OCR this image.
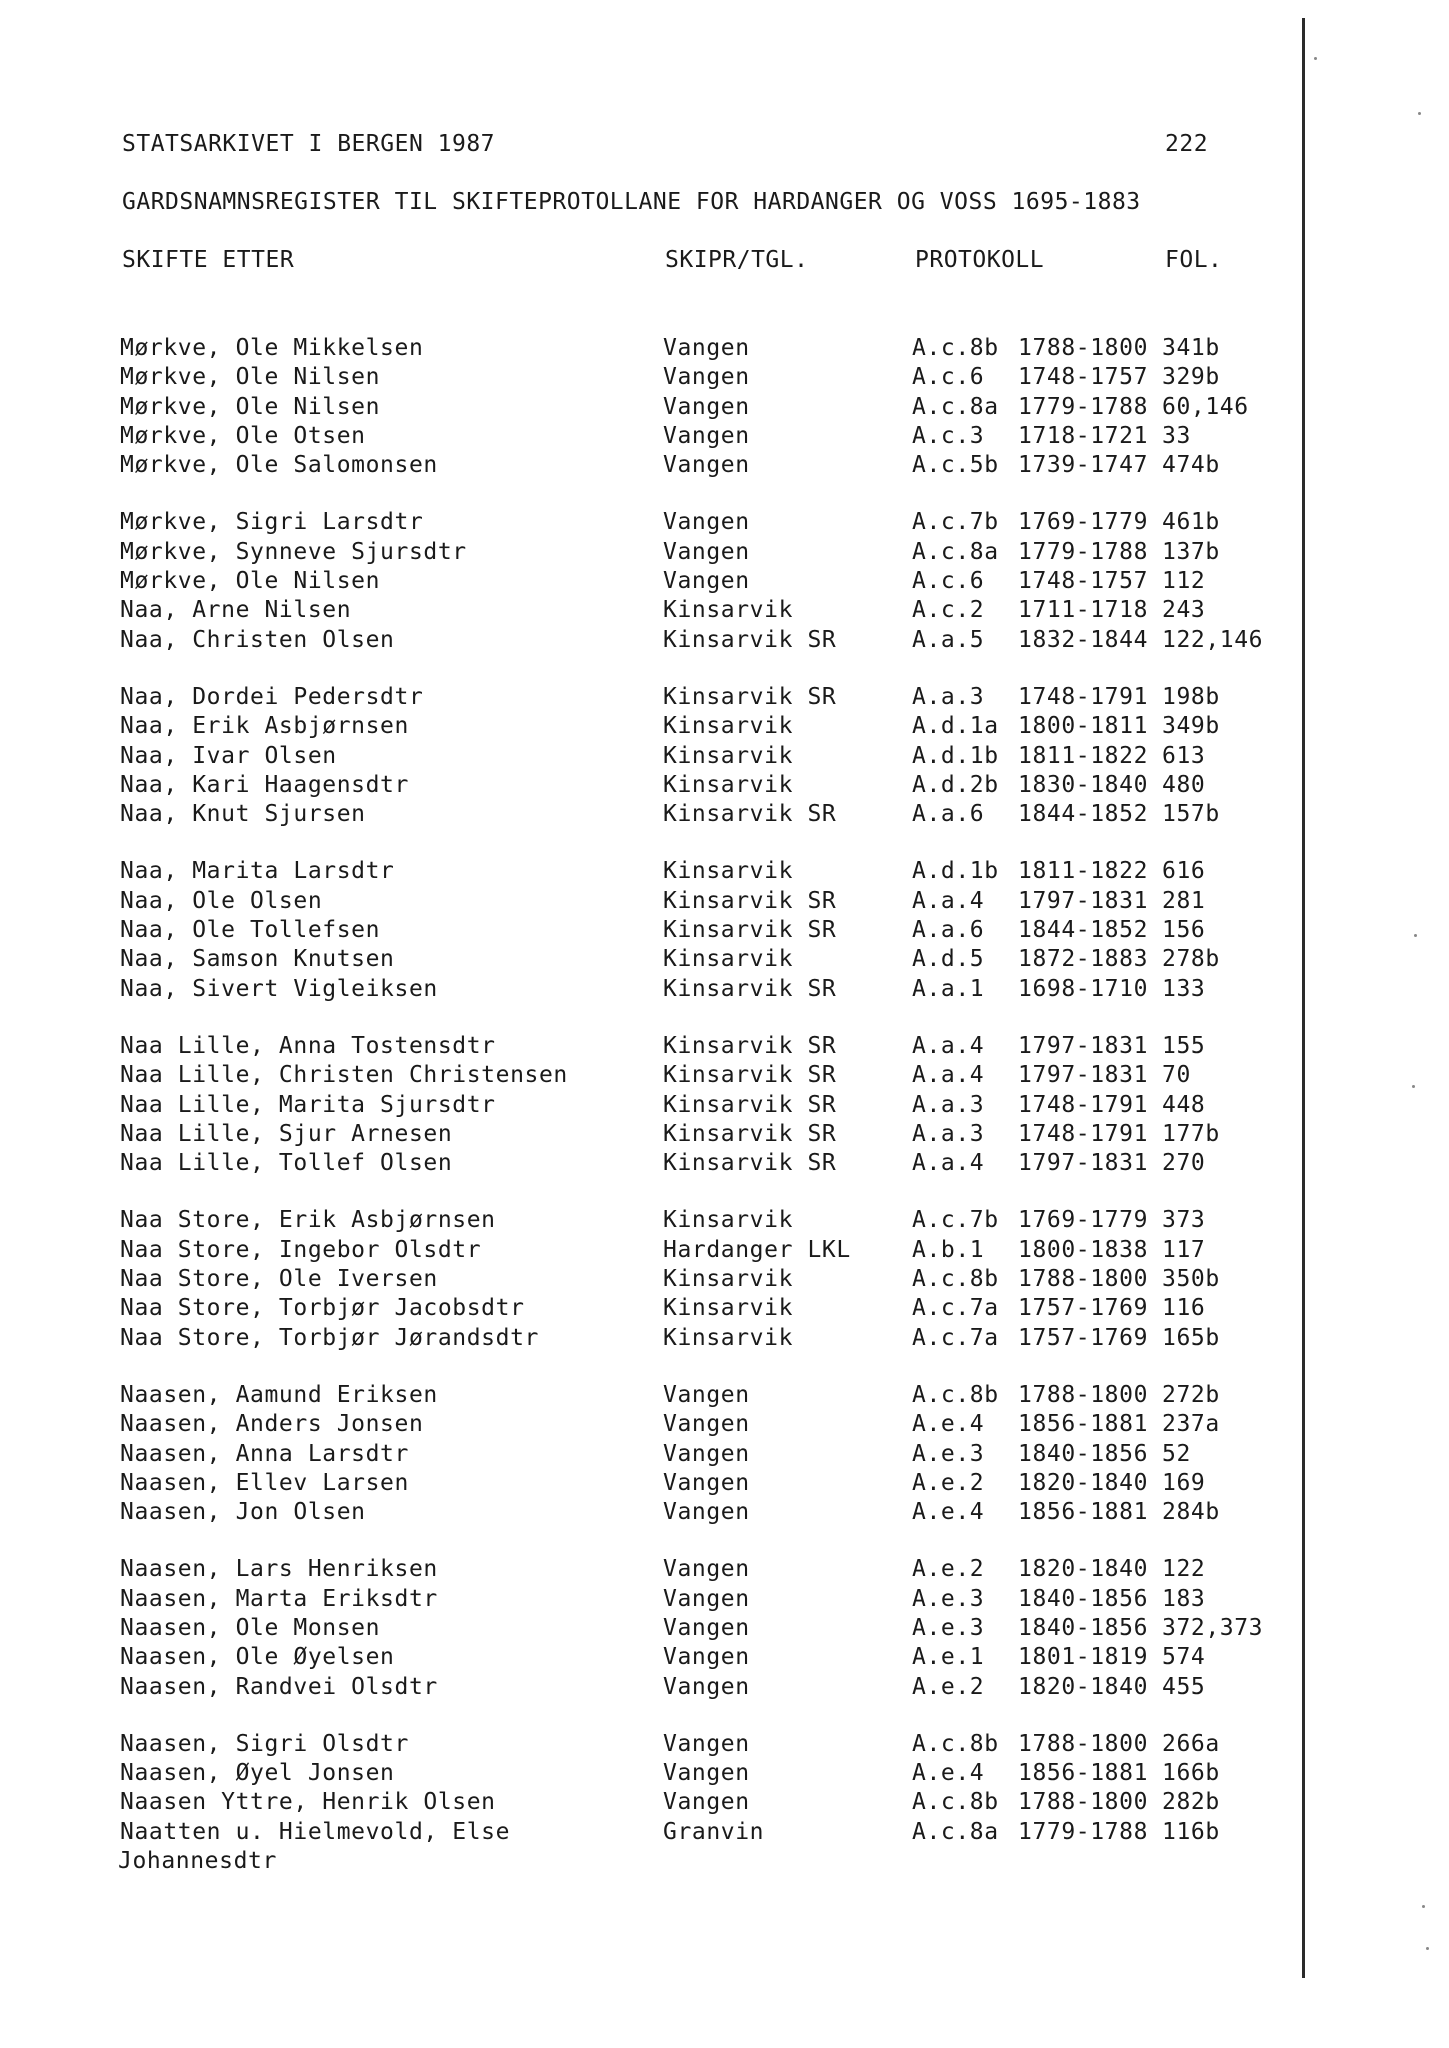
STATSARKIVET I BERGEN 1987	222
GARDSNAMNSREGISTER TIL SKIFTEPROTOLLANE FOR HARDANGER OG VOSS 1695-1883
SKIFTE ETTER	SKIPR/TGL.	PROTOKOLL	FOL.
Mørkve, Ole Mikkelsen	Vangen	A.c.8b 1788-1800 341b
Mørkve, Ole Nilsen	Vangen	A.c.6 1748-1757 329b
Mørkve, Ole Nilsen	Vangen	A.c.8a 1779-1788 60,146
Mørkve, Ole Otsen	Vangen	A.c.3 1718-1721 33
Mørkve, Ole Salomonsen	Vangen	A.c.5b 1739-1747 474b
Mørkve, Sigri Larsdtr	Vangen	A.c.7b 1769-1779 461b
Mørkve, Synneve Sjursdtr	Vangen	A.c.8a 1779-1788 137b
Mørkve, Ole Nilsen	Vangen	A.c.6 1748-1757 112
Naa, Arne Nilsen	Kinsarvik	A.c.2 1711-1718 243
Naa, Christen Olsen	Kinsarvik SR	A.a.5 1832-1844 122,146
Naa, Dordei Pedersdtr	Kinsarvik SR	A.a.3 1748-1791 198b
Naa, Erik Asbjørnsen	Kinsarvik	A.d.1a 1800-1811 349b
Naa, Ivar Olsen	Kinsarvik	A.d.1b 1811-1822 613
Naa, Kari Haagensdtr	Kinsarvik	A.d.2b 1830-1840 480
Naa, Knut Sjursen	Kinsarvik SR	A.a.6 1844-1852 157b
Naa, Marita Larsdtr	Kinsarvik	A.d.1b 1811-1822 616
Naa, Ole Olsen	Kinsarvik SR	A.a.4 1797-1831 281
Naa, Ole Tollefsen	Kinsarvik SR	A.a.6 1844-1852 156
Naa, Samson Knutsen	Kinsarvik	A.d.5 1872-1883 278b
Naa, Sivert Vigleiksen	Kinsarvik SR	A.a.1 1698-1710 133
Naa Lille, Anna Tostensdtr	Kinsarvik SR	A.a.4 1797-1831 155
Naa Lille, Christen Christensen	Kinsarvik SR	A.a.4 1797-1831 70
Naa Lille, Marita Sjursdtr	Kinsarvik SR	A.a.3 1748-1791 448
Naa Lille, Sjur Arnesen	Kinsarvik SR	A.a.3 1748-1791 177b
Naa Lille, Tollef Olsen	Kinsarvik SR	A.a.4 1797-1831 270
Naa Store, Erik Asbjørnsen	Kinsarvik	A.c.7b 1769-1779 373
Naa Store, Ingebor Olsdtr	Hardanger LKL	A.b.1 1800-1838 117
Naa Store, Ole Iversen	Kinsarvik	A.c.8b 1788-1800 350b
Naa Store, Torbjør Jacobsdtr	Kinsarvik	A.c.7a 1757-1769 116
Naa Store, Torbjør Jørandsdtr	Kinsarvik	A.c.7a 1757-1769 165b
Naasen, Aamund Eriksen	Vangen	A.c.8b 1788-1800 272b
Naasen, Anders Jonsen	Vangen	A.e.4 1856-1881 237a
Naasen, Anna Larsdtr	Vangen	A.e.3 1840-1856 52
Naasen, Ellev Larsen	Vangen	A.e.2 1820-1840 169
Naasen, Jon Olsen	Vangen	A.e.4 1856-1881 284b
Naasen, Lars Henriksen	Vangen	A.e.2 1820-1840 122
Naasen, Marta Eriksdtr	Vangen	A.e.3 1840-1856 183
Naasen, Ole Monsen	Vangen	A.e.3 1840-1856 372,373
Naasen, Ole Øyelsen	Vangen	A.e.1 1801-1819 574
Naasen, Randvei Olsdtr	Vangen	A.e.2 1820-1840 455
Naasen, Sigri Olsdtr	Vangen	A.c.8b 1788-1800 266a
Naasen, Øyel Jonsen	Vangen	A.e.4 1856-1881 166b
Naasen Yttre, Henrik Olsen	Vangen	A.c.8b 1788-1800 282b
Naatten u. Hielmevold, Else	Granvin	A.c.8a 1779-1788 116b
Johannesdtr
